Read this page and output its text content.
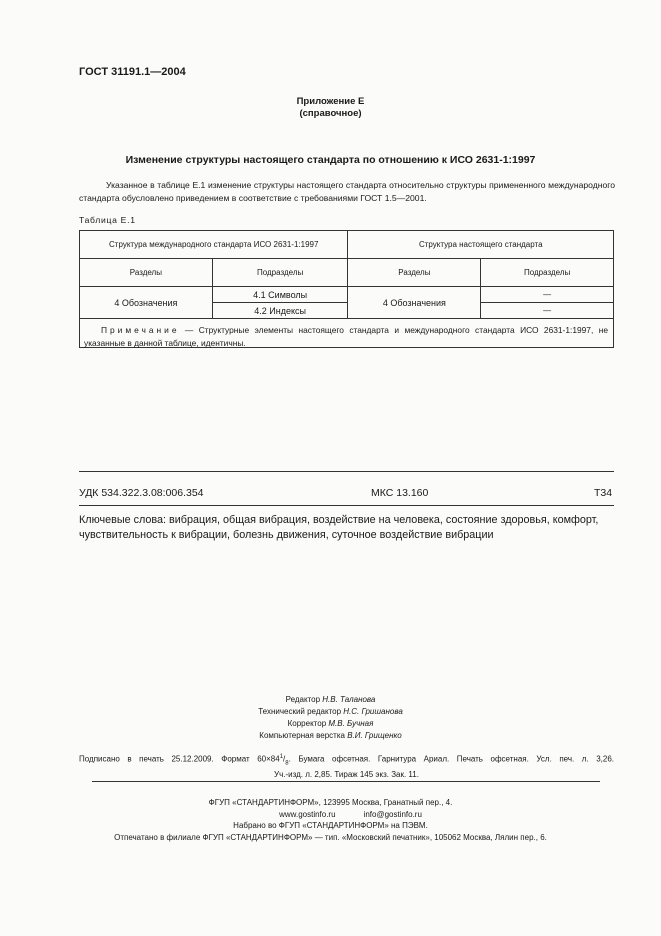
ГОСТ 31191.1—2004
Приложение Е
(справочное)
Изменение структуры настоящего стандарта по отношению к ИСО 2631-1:1997
Указанное в таблице Е.1 изменение структуры настоящего стандарта относительно структуры примененного международного стандарта обусловлено приведением в соответствие с требованиями ГОСТ 1.5—2001.
Таблица Е.1
Структура международного стандарта ИСО 2631-1:1997		Структура настоящего стандарта	
Разделы	Подразделы	Разделы	Подразделы
4 Обозначения	4.1 Символы	4 Обозначения	—
	4.2 Индексы		—

Примечание — Структурные элементы настоящего стандарта и международного стандарта ИСО 2631-1:1997, не указанные в данной таблице, идентичны.
УДК 534.322.3.08:006.354	МКС 13.160	Т34
Ключевые слова: вибрация, общая вибрация, воздействие на человека, состояние здоровья, комфорт, чувствительность к вибрации, болезнь движения, суточное воздействие вибрации
Редактор Н.В. Таланова
Технический редактор Н.С. Гришанова
Корректор М.В. Бучная
Компьютерная верстка В.И. Грищенко
Подписано в печать 25.12.2009. Формат $60\times 84^1/_8$. Бумага офсетная. Гарнитура Ариал. Печать офсетная. Усл. печ. л. 3,26.
Уч.-изд. л. 2,85. Тираж 145 экз. Зак. 11.
ФГУП «СТАНДАРТИНФОРМ», 123995 Москва, Гранатный пер., 4.
www.gostinfo.ru	info@gostinfo.ru
Набрано во ФГУП «СТАНДАРТИНФОРМ» на ПЭВМ.
Отпечатано в филиале ФГУП «СТАНДАРТИНФОРМ» — тип. «Московский печатник», 105062 Москва, Лялин пер., 6.
